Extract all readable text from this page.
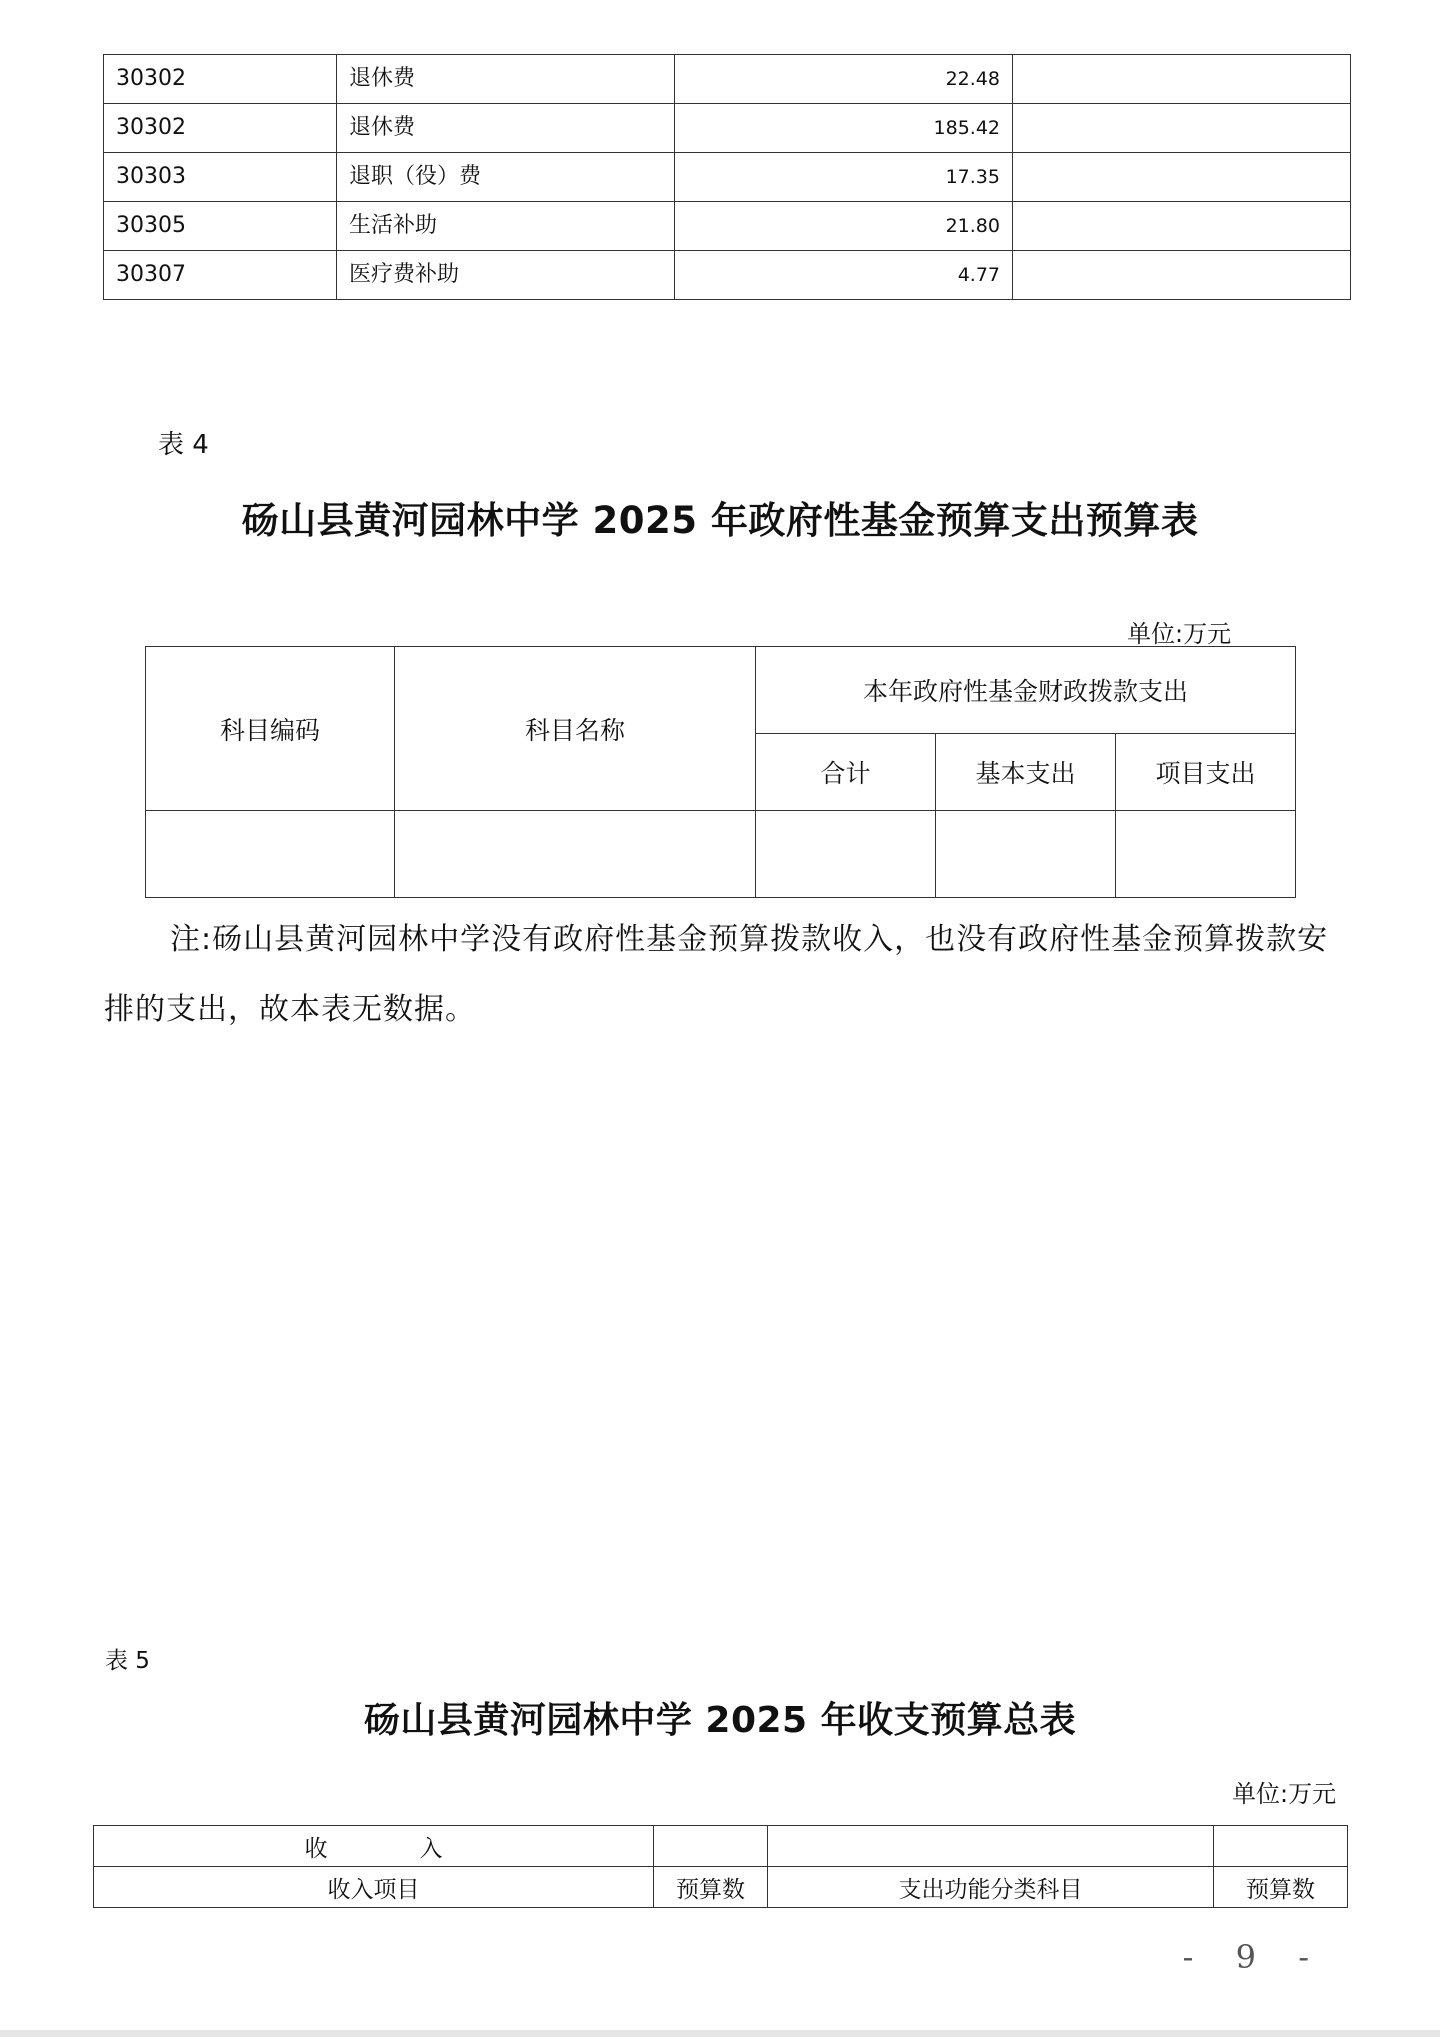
30302	退休费	22.48	
30302	退休费	185.42	
30303	退职（役）费	17.35	
30305	生活补助	21.80	
30307	医疗费补助	4.77	
表 4
砀山县黄河园林中学 2025 年政府性基金预算支出预算表
单位:万元
科目编码	科目名称	本年政府性基金财政拨款支出		
		合计	基本支出	项目支出

注:砀山县黄河园林中学没有政府性基金预算拨款收入，也没有政府性基金预算拨款安排的支出，故本表无数据。
表 5
砀山县黄河园林中学 2025 年收支预算总表
单位:万元
收　　　　入			
收入项目	预算数	支出功能分类科目	预算数
- 9 -
